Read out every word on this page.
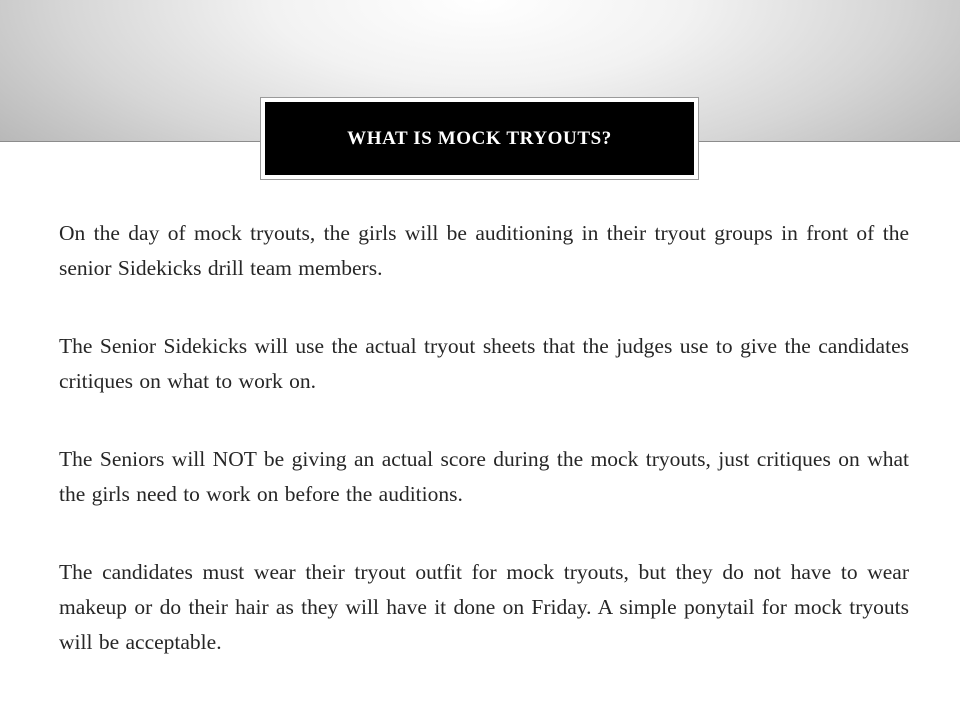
WHAT IS MOCK TRYOUTS?

On the day of mock tryouts, the girls will be auditioning in their tryout groups in front of the senior Sidekicks drill team members.

The Senior Sidekicks will use the actual tryout sheets that the judges use to give the candidates critiques on what to work on.

The Seniors will NOT be giving an actual score during the mock tryouts, just critiques on what the girls need to work on before the auditions.

The candidates must wear their tryout outfit for mock tryouts, but they do not have to wear makeup or do their hair as they will have it done on Friday. A simple ponytail for mock tryouts will be acceptable.
